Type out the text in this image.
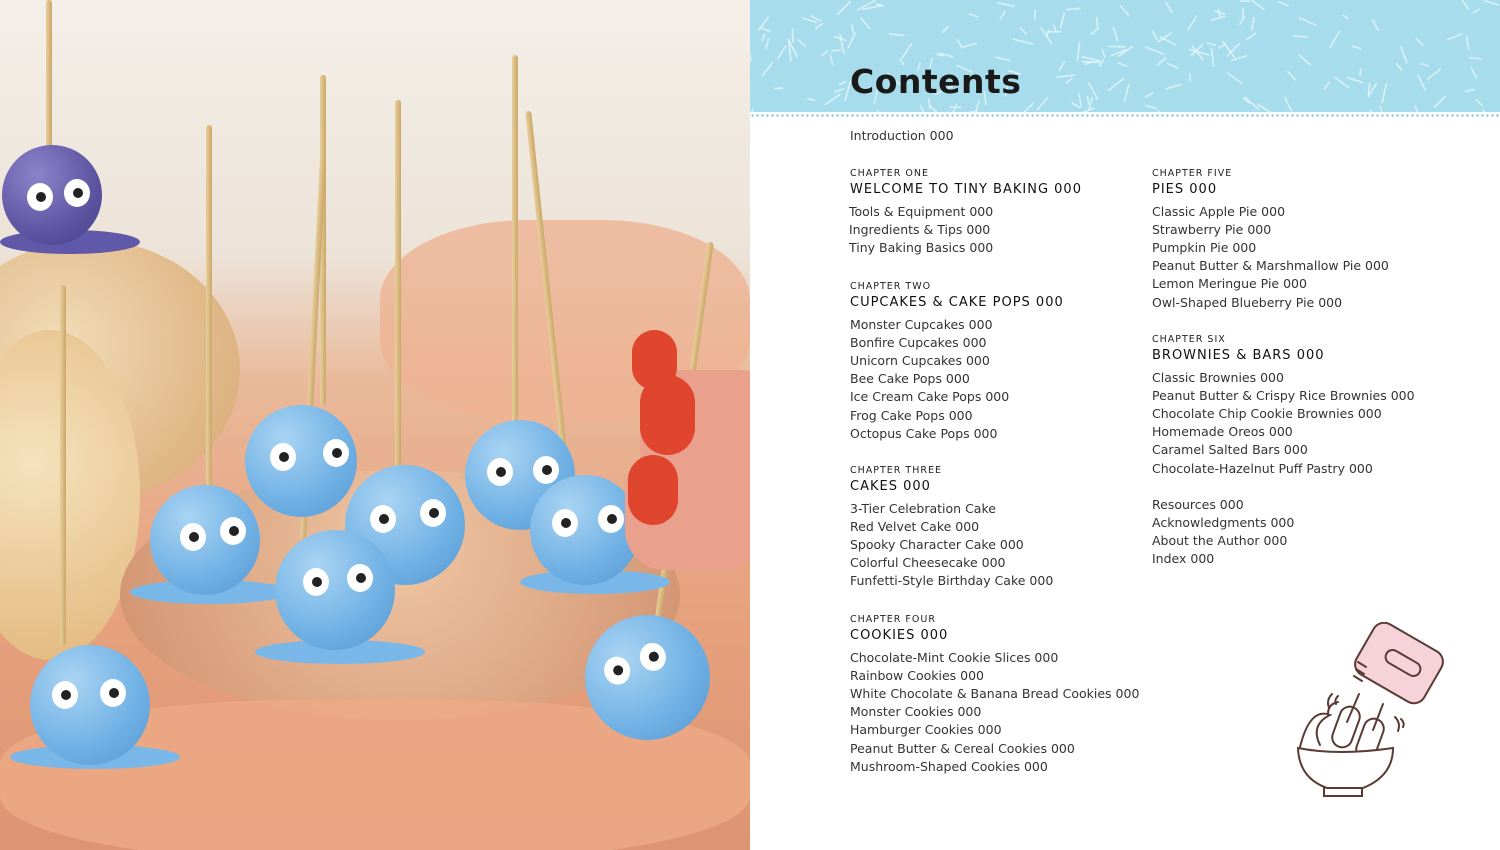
Contents
Introduction 000
CHAPTER ONE
WELCOME TO TINY BAKING 000
Tools & Equipment 000
Ingredients & Tips 000
Tiny Baking Basics 000
CHAPTER TWO
CUPCAKES & CAKE POPS 000
Monster Cupcakes 000
Bonfire Cupcakes 000
Unicorn Cupcakes 000
Bee Cake Pops 000
Ice Cream Cake Pops 000
Frog Cake Pops 000
Octopus Cake Pops 000
CHAPTER THREE
CAKES 000
3-Tier Celebration Cake
Red Velvet Cake 000
Spooky Character Cake 000
Colorful Cheesecake 000
Funfetti-Style Birthday Cake 000
CHAPTER FOUR
COOKIES 000
Chocolate-Mint Cookie Slices 000
Rainbow Cookies 000
White Chocolate & Banana Bread Cookies 000
Monster Cookies 000
Hamburger Cookies 000
Peanut Butter & Cereal Cookies 000
Mushroom-Shaped Cookies 000
CHAPTER FIVE
PIES 000
Classic Apple Pie 000
Strawberry Pie 000
Pumpkin Pie 000
Peanut Butter & Marshmallow Pie 000
Lemon Meringue Pie 000
Owl-Shaped Blueberry Pie 000
CHAPTER SIX
BROWNIES & BARS 000
Classic Brownies 000
Peanut Butter & Crispy Rice Brownies 000
Chocolate Chip Cookie Brownies 000
Homemade Oreos 000
Caramel Salted Bars 000
Chocolate-Hazelnut Puff Pastry 000
Resources 000
Acknowledgments 000
About the Author 000
Index 000
